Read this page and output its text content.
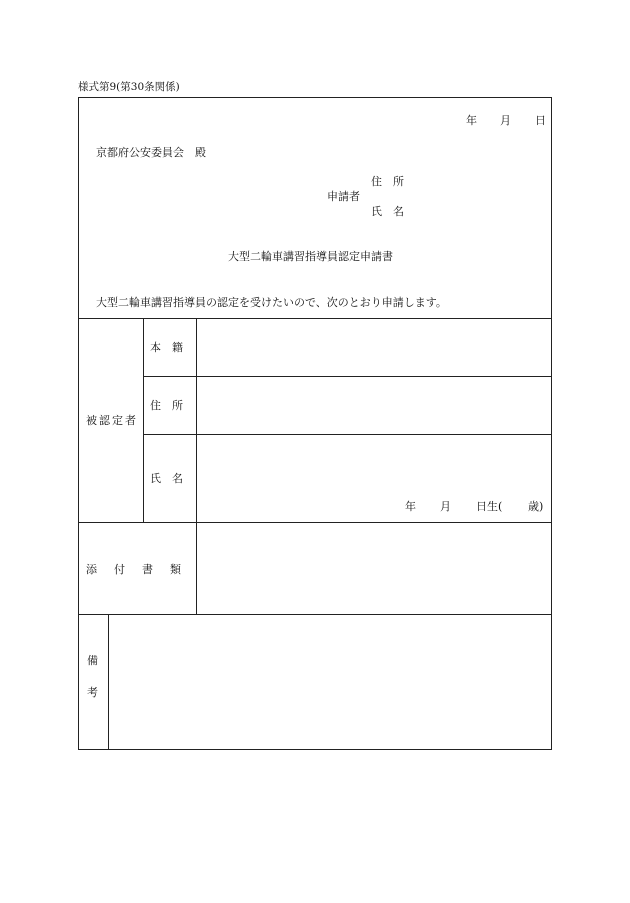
様式第9(第30条関係)
年 月 日
京都府公安委員会　殿
申請者
住　所
氏　名
大型二輪車講習指導員認定申請書
大型二輪車講習指導員の認定を受けたいので、次のとおり申請します。
被認定者
本　籍
住　所
氏　名
年 月 日生( 歳)
添　付　書　類
備
考
